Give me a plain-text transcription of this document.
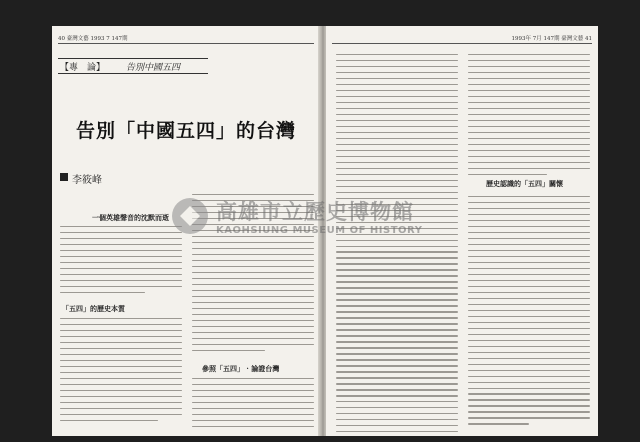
40 臺灣文藝 1993 7 147期
【專　論】 告別中國五四
告別「中國五四」的台灣
李筱峰
一個英雄聲音的沈默而逝
「五四」的歷史本質
參照「五四」 · 論證台灣
1993年 7月 147期 臺灣文藝 41
歷史認識的「五四」關懷
高雄市立歷史博物館
KAOHSIUNG MUSEUM OF HISTORY
